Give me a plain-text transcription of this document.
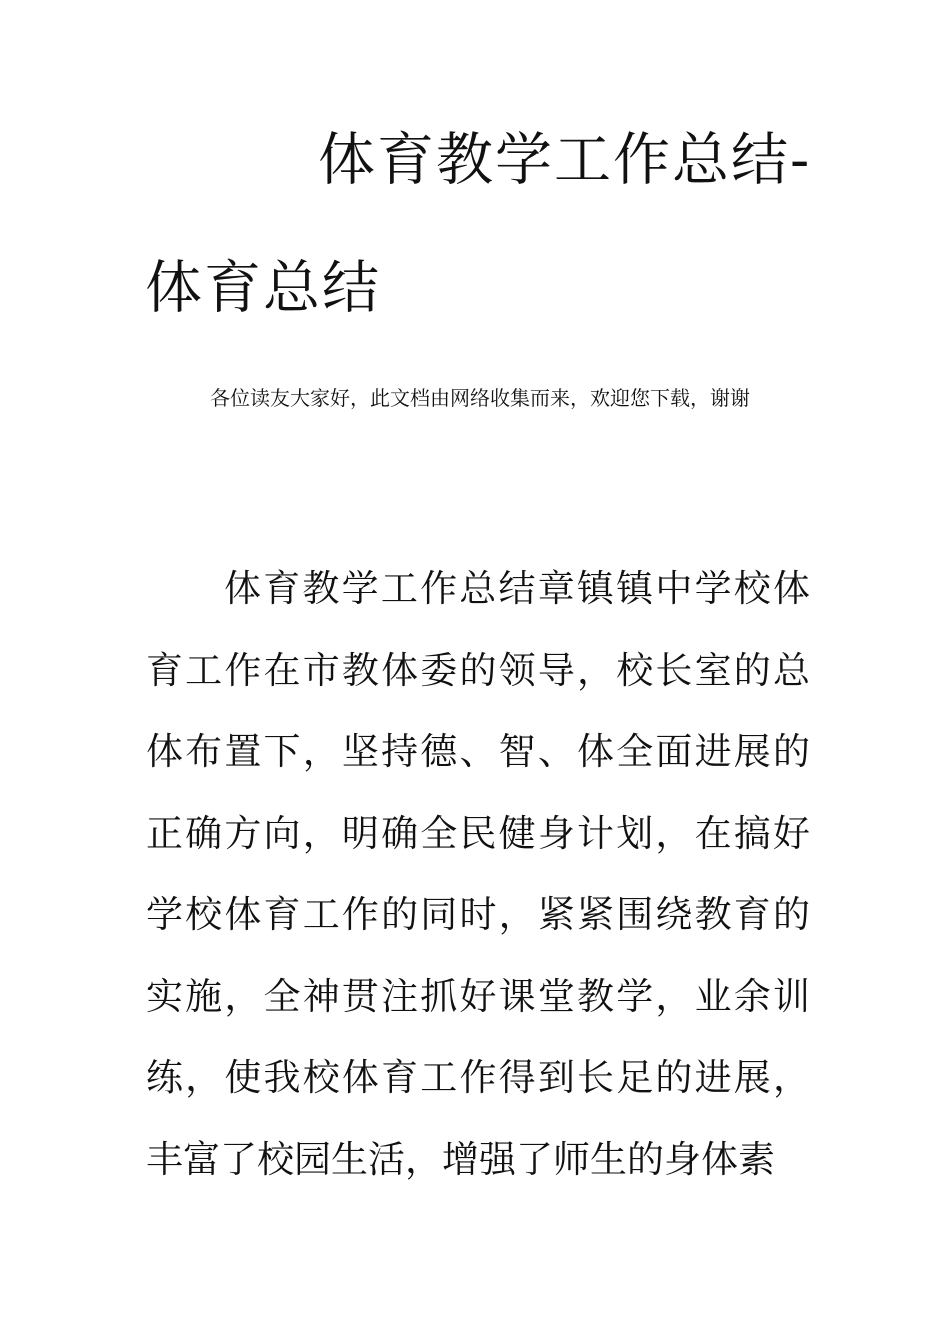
体育教学工作总结-
体育总结

各位读友大家好，此文档由网络收集而来，欢迎您下载，谢谢

体育教学工作总结章镇镇中学校体育工作在市教体委的领导，校长室的总体布置下，坚持德、智、体全面进展的正确方向，明确全民健身计划，在搞好学校体育工作的同时，紧紧围绕教育的实施，全神贯注抓好课堂教学，业余训练，使我校体育工作得到长足的进展，丰富了校园生活，增强了师生的身体素
